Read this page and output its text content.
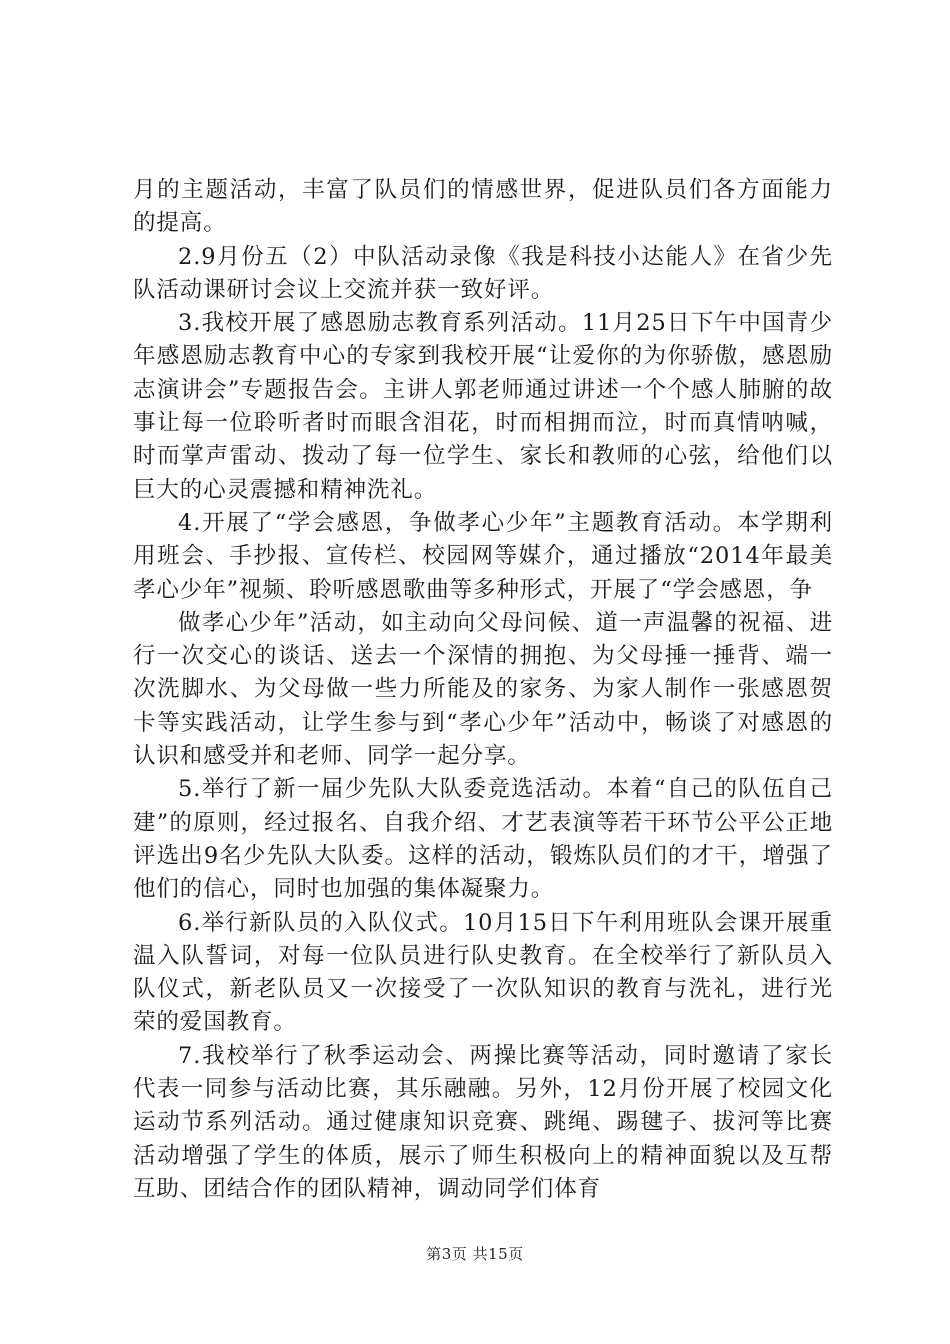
月的主题活动，丰富了队员们的情感世界，促进队员们各方面能力的提高。

2.9月份五（2）中队活动录像《我是科技小达能人》在省少先队活动课研讨会议上交流并获一致好评。

3.我校开展了感恩励志教育系列活动。11月25日下午中国青少年感恩励志教育中心的专家到我校开展“让爱你的为你骄傲，感恩励志演讲会”专题报告会。主讲人郭老师通过讲述一个个感人肺腑的故事让每一位聆听者时而眼含泪花，时而相拥而泣，时而真情呐喊，时而掌声雷动、拨动了每一位学生、家长和教师的心弦，给他们以巨大的心灵震撼和精神洗礼。

4.开展了“学会感恩，争做孝心少年”主题教育活动。本学期利用班会、手抄报、宣传栏、校园网等媒介，通过播放“2014年最美孝心少年”视频、聆听感恩歌曲等多种形式，开展了“学会感恩，争

做孝心少年”活动，如主动向父母问候、道一声温馨的祝福、进行一次交心的谈话、送去一个深情的拥抱、为父母捶一捶背、端一次洗脚水、为父母做一些力所能及的家务、为家人制作一张感恩贺卡等实践活动，让学生参与到“孝心少年”活动中，畅谈了对感恩的认识和感受并和老师、同学一起分享。

5.举行了新一届少先队大队委竞选活动。本着“自己的队伍自己建”的原则，经过报名、自我介绍、才艺表演等若干环节公平公正地评选出9名少先队大队委。这样的活动，锻炼队员们的才干，增强了他们的信心，同时也加强的集体凝聚力。

6.举行新队员的入队仪式。10月15日下午利用班队会课开展重温入队誓词，对每一位队员进行队史教育。在全校举行了新队员入队仪式，新老队员又一次接受了一次队知识的教育与洗礼，进行光荣的爱国教育。

7.我校举行了秋季运动会、两操比赛等活动，同时邀请了家长代表一同参与活动比赛，其乐融融。另外，12月份开展了校园文化运动节系列活动。通过健康知识竞赛、跳绳、踢毽子、拔河等比赛活动增强了学生的体质，展示了师生积极向上的精神面貌以及互帮互助、团结合作的团队精神，调动同学们体育

第3页 共15页
